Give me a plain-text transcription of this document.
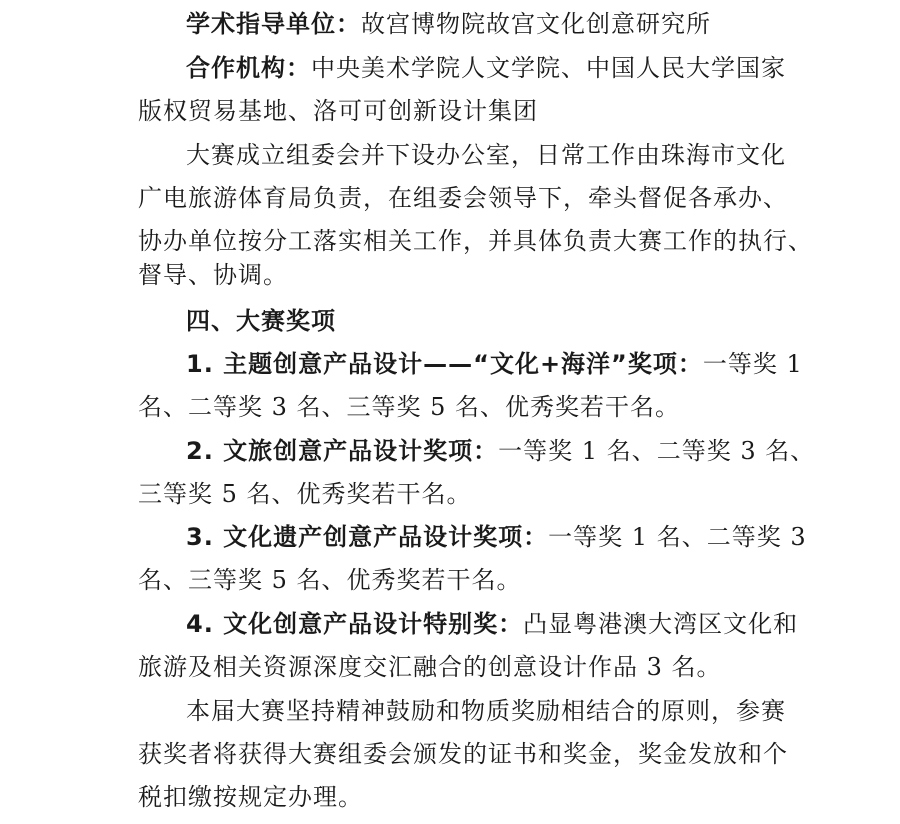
学术指导单位：故宫博物院故宫文化创意研究所
合作机构：中央美术学院人文学院、中国人民大学国家
版权贸易基地、洛可可创新设计集团
大赛成立组委会并下设办公室，日常工作由珠海市文化
广电旅游体育局负责，在组委会领导下，牵头督促各承办、
协办单位按分工落实相关工作，并具体负责大赛工作的执行、
督导、协调。
四、大赛奖项
1. 主题创意产品设计——“文化+海洋”奖项：一等奖 1
名、二等奖 3 名、三等奖 5 名、优秀奖若干名。
2. 文旅创意产品设计奖项：一等奖 1 名、二等奖 3 名、
三等奖 5 名、优秀奖若干名。
3. 文化遗产创意产品设计奖项：一等奖 1 名、二等奖 3
名、三等奖 5 名、优秀奖若干名。
4. 文化创意产品设计特别奖：凸显粤港澳大湾区文化和
旅游及相关资源深度交汇融合的创意设计作品 3 名。
本届大赛坚持精神鼓励和物质奖励相结合的原则，参赛
获奖者将获得大赛组委会颁发的证书和奖金，奖金发放和个
税扣缴按规定办理。
